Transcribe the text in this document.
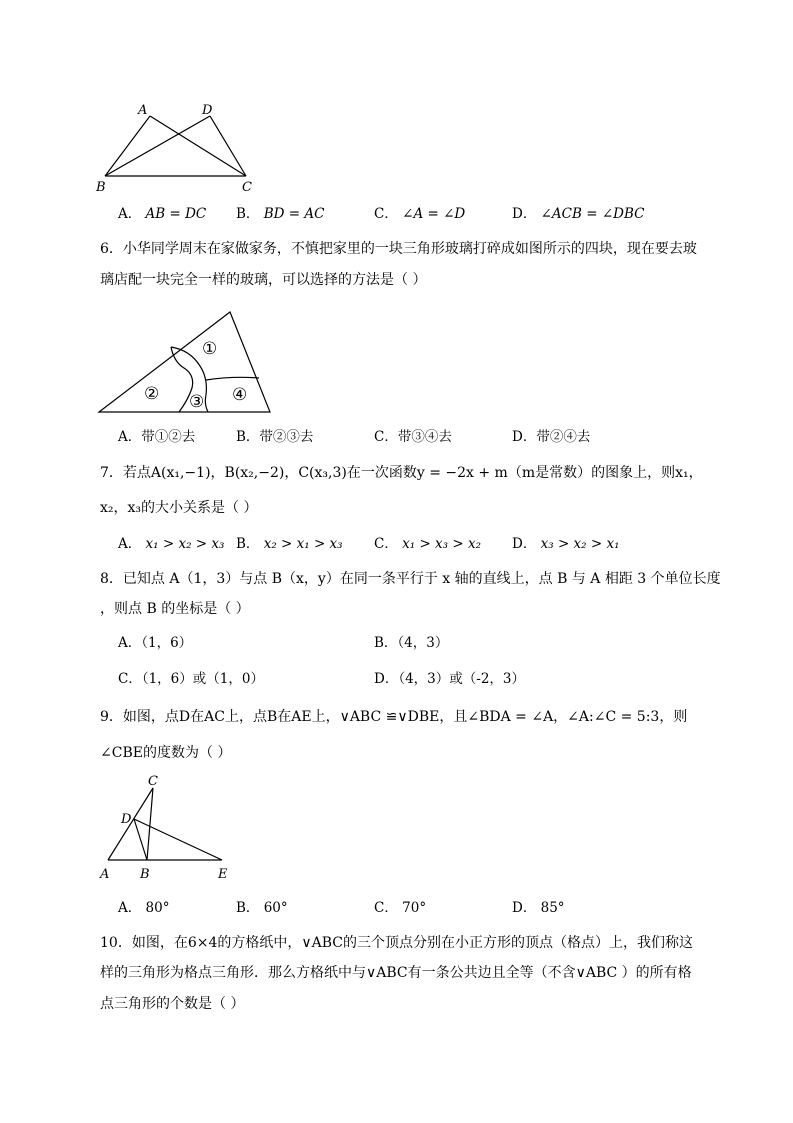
A	D
B	C
A． AB = DC B． BD = AC	C． ∠A = ∠D	D． ∠ACB = ∠DBC
6．小华同学周末在家做家务，不慎把家里的一块三角形玻璃打碎成如图所示的四块，现在要去玻
璃店配一块完全一样的玻璃，可以选择的方法是（ ）
①
② ③ ④
A．带①②去	B．带②③去	C．带③④去	D．带②④去
7．若点A(x₁,−1)，B(x₂,−2)，C(x₃,3)在一次函数y = −2x + m（m是常数）的图象上，则x₁，
x₂，x₃的大小关系是（ ）
A． x₁ > x₂ > x₃ B． x₂ > x₁ > x₃ C． x₁ > x₃ > x₂ D． x₃ > x₂ > x₁
8．已知点 A（1，3）与点 B（x，y）在同一条平行于 x 轴的直线上，点 B 与 A 相距 3 个单位长度
，则点 B 的坐标是（ ）
A．（1，6）	B．（4，3）
C．（1，6）或（1，0）	D．（4，3）或（-2，3）
9．如图，点D在AC上，点B在AE上，∨ABC ≌∨DBE，且∠BDA = ∠A，∠A:∠C = 5:3，则
∠CBE的度数为（ ）
C
D
A B	E
A． 80°	B． 60°	C． 70°	D． 85°
10．如图，在6×4的方格纸中，∨ABC的三个顶点分别在小正方形的顶点（格点）上，我们称这
样的三角形为格点三角形．那么方格纸中与∨ABC有一条公共边且全等（不含∨ABC ）的所有格
点三角形的个数是（ ）
